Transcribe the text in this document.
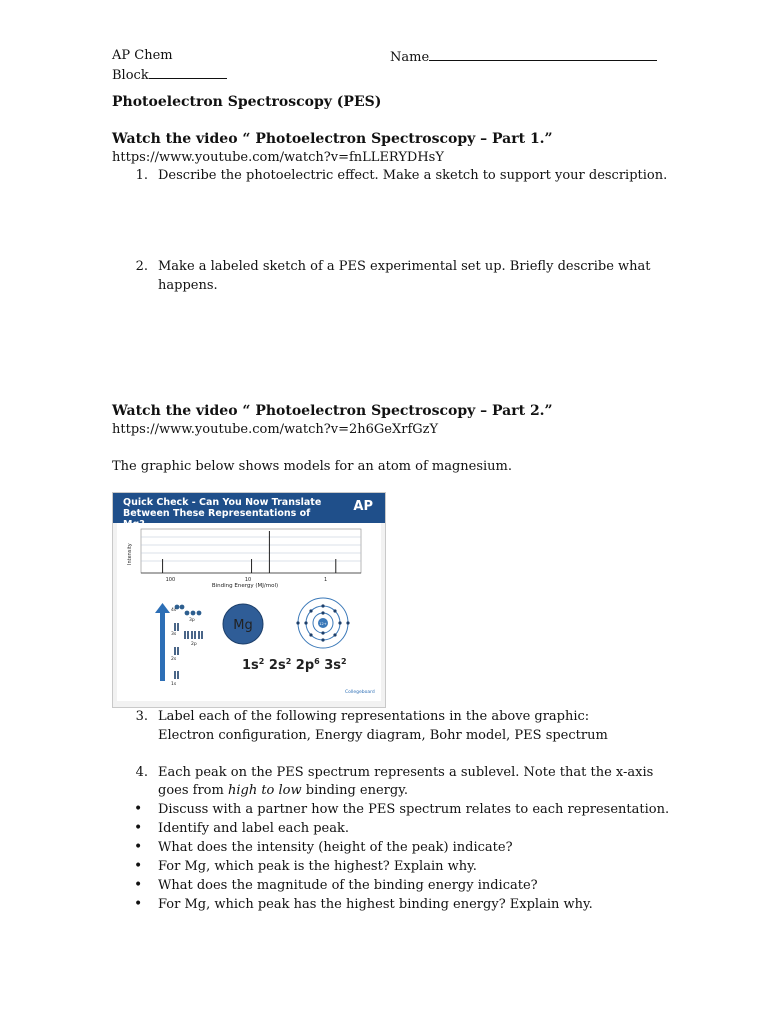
AP Chem	Name
Block
Photoelectron Spectroscopy (PES)
Watch the video “ Photoelectron Spectroscopy – Part 1.”
https://www.youtube.com/watch?v=fnLLERYDHsY
1. Describe the photoelectric effect. Make a sketch to support your description.
2. Make a labeled sketch of a PES experimental set up. Briefly describe what
happens.
Watch the video “ Photoelectron Spectroscopy – Part 2.”
https://www.youtube.com/watch?v=2h6GeXrfGzY
The graphic below shows models for an atom of magnesium.
Quick Check - Can You Now Translate Between These Representations of	AP
Intensity
100	10	1
Binding Energy (MJ/mol)
4s
3p
3s
2p
2s
1s
Mg	12+
$1s^2$ $2s^2$ $2p^6$ $3s^2$
Collegeboard
3. Label each of the following representations in the above graphic:
Electron configuration, Energy diagram, Bohr model, PES spectrum
4. Each peak on the PES spectrum represents a sublevel. Note that the x-axis
goes from high to low binding energy.
• Discuss with a partner how the PES spectrum relates to each representation.
• Identify and label each peak.
• What does the intensity (height of the peak) indicate?
• For Mg, which peak is the highest? Explain why.
• What does the magnitude of the binding energy indicate?
• For Mg, which peak has the highest binding energy? Explain why.
